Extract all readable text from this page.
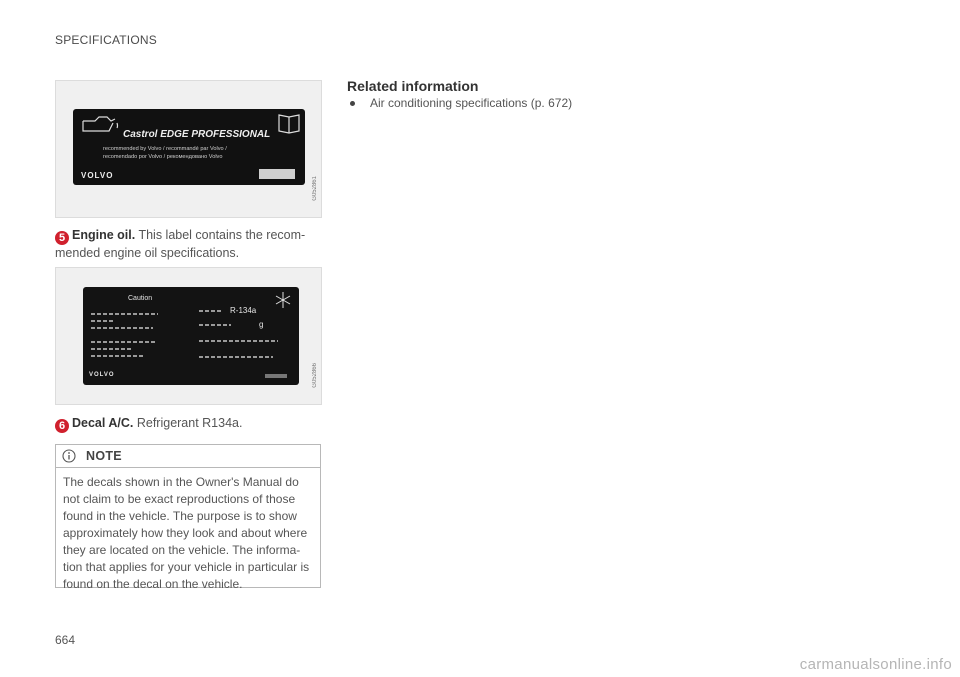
SPECIFICATIONS
Castrol EDGE PROFESSIONAL
recommended by Volvo / recommandé par Volvo /
recomendado por Volvo / рекомендовано Volvo
VOLVO
G052861
5 Engine oil. This label contains the recom-mended engine oil specifications.
Caution
R-134a
g
VOLVO	G052866
6 Decal A/C. Refrigerant R134a.
NOTE
The decals shown in the Owner's Manual do not claim to be exact reproductions of those found in the vehicle. The purpose is to show approximately how they look and about where they are located on the vehicle. The informa-tion that applies for your vehicle in particular is found on the decal on the vehicle.
Related information
Air conditioning specifications (p. 672)
664
carmanualsonline.info
